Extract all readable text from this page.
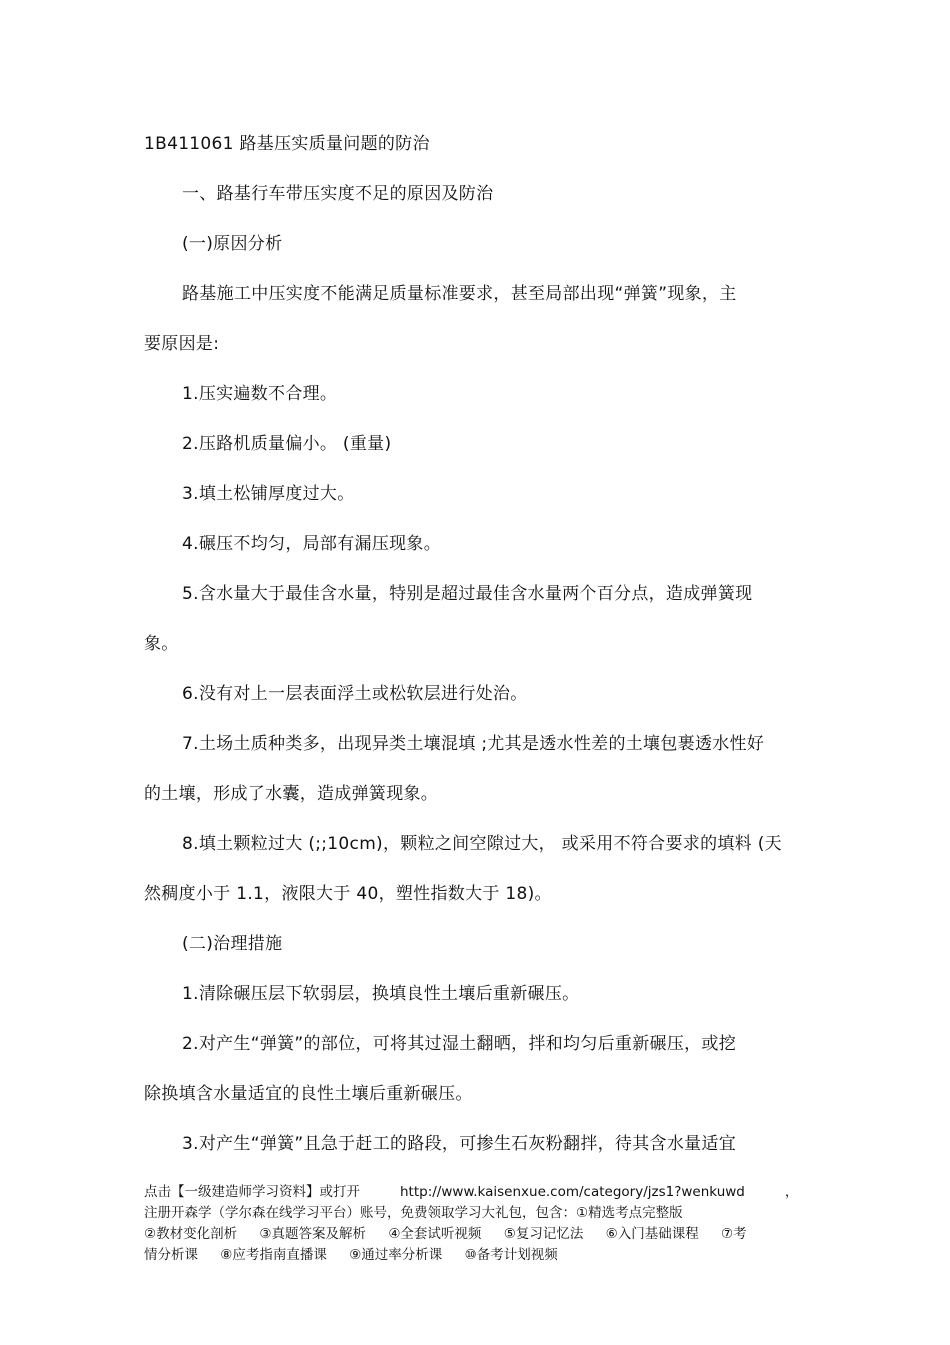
1B411061 路基压实质量问题的防治
一、路基行车带压实度不足的原因及防治
(一)原因分析
路基施工中压实度不能满足质量标准要求，甚至局部出现“弹簧”现象，主
要原因是:
1.压实遍数不合理。
2.压路机质量偏小。 (重量)
3.填土松铺厚度过大。
4.碾压不均匀，局部有漏压现象。
5.含水量大于最佳含水量，特别是超过最佳含水量两个百分点，造成弹簧现
象。
6.没有对上一层表面浮土或松软层进行处治。
7.土场土质种类多，出现异类土壤混填 ;尤其是透水性差的土壤包裹透水性好
的土壤，形成了水囊，造成弹簧现象。
8.填土颗粒过大 (;;10cm)，颗粒之间空隙过大， 或采用不符合要求的填料 (天
然稠度小于 1.1，液限大于 40，塑性指数大于 18)。
(二)治理措施
1.清除碾压层下软弱层，换填良性土壤后重新碾压。
2.对产生“弹簧”的部位，可将其过湿土翻晒，拌和均匀后重新碾压，或挖
除换填含水量适宜的良性土壤后重新碾压。
3.对产生“弹簧”且急于赶工的路段，可掺生石灰粉翻拌，待其含水量适宜
点击【一级建造师学习资料】或打开	http://www.kaisenxue.com/category/jzs1?wenkuwd	，
注册开森学（学尔森在线学习平台）账号，免费领取学习大礼包，包含：①精选考点完整版
②教材变化剖析 ③真题答案及解析 ④全套试听视频 ⑤复习记忆法 ⑥入门基础课程 ⑦考
情分析课 ⑧应考指南直播课 ⑨通过率分析课 ⑩备考计划视频
